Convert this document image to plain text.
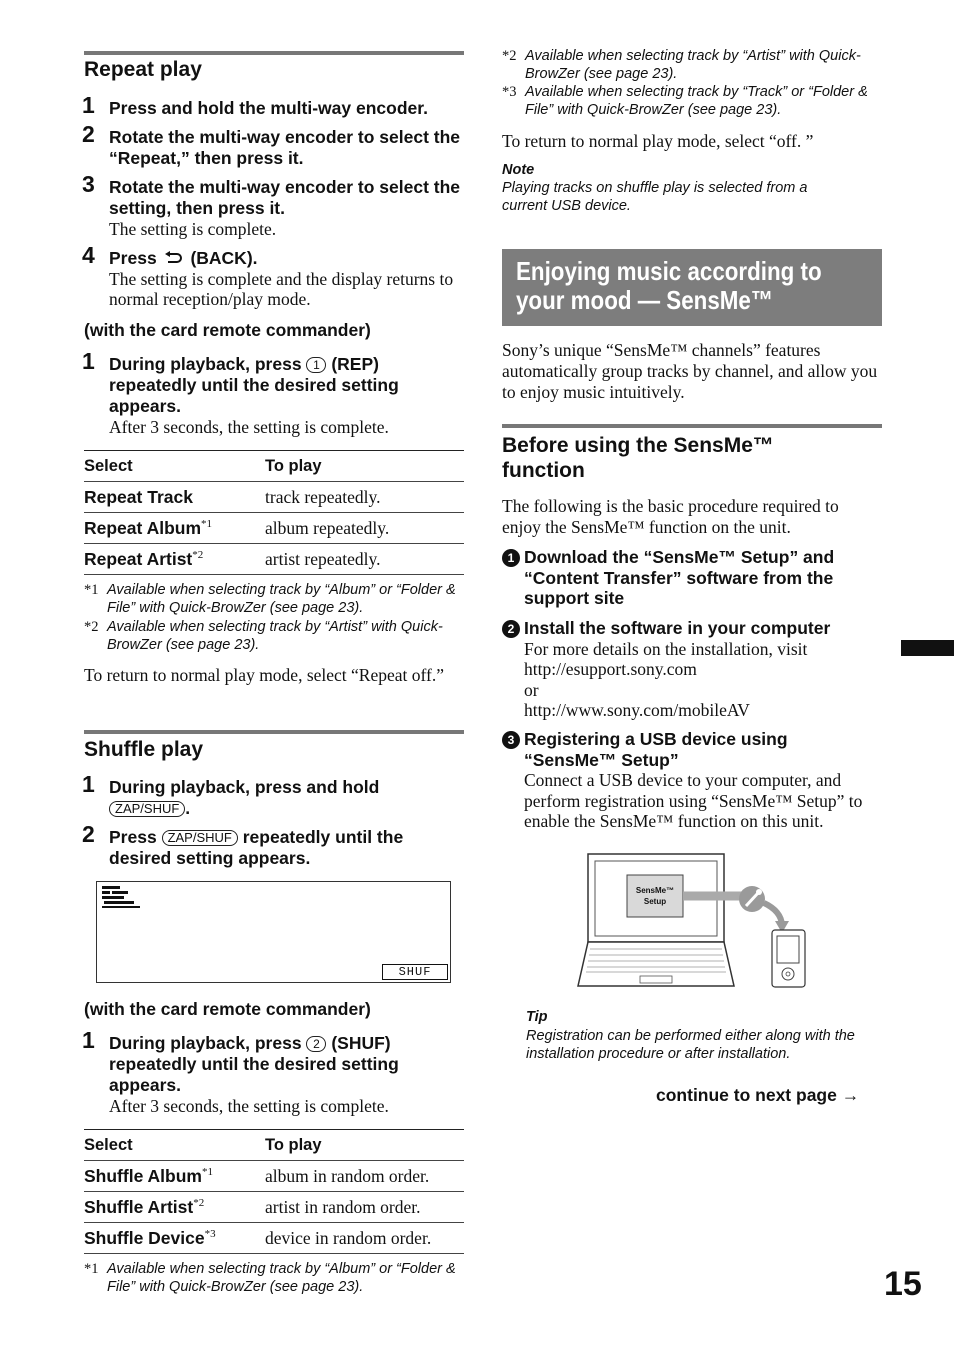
Repeat play
1 Press and hold the multi-way encoder.
2 Rotate the multi-way encoder to select the “Repeat,” then press it.
3 Rotate the multi-way encoder to select the setting, then press it.
The setting is complete.
4 Press (BACK).
The setting is complete and the display returns to normal reception/play mode.
(with the card remote commander)
1 During playback, press 1 (REP) repeatedly until the desired setting appears.
After 3 seconds, the setting is complete.
Select	To play
Repeat Track	track repeatedly.
Repeat Album$^{*1}$	album repeatedly.
Repeat Artist$^{*2}$	artist repeatedly.
*1 Available when selecting track by “Album” or “Folder & File” with Quick-BrowZer (see page 23).
*2 Available when selecting track by “Artist” with Quick-BrowZer (see page 23).
To return to normal play mode, select “Repeat off.”
Shuffle play
1 During playback, press and hold
ZAP/SHUF .
2 Press ZAP/SHUF repeatedly until the desired setting appears.
SHUF
(with the card remote commander)
1 During playback, press 2 (SHUF) repeatedly until the desired setting appears.
After 3 seconds, the setting is complete.
Select	To play
Shuffle Album$^{*1}$	album in random order.
Shuffle Artist$^{*2}$	artist in random order.
Shuffle Device$^{*3}$	device in random order.
*1 Available when selecting track by “Album” or “Folder & File” with Quick-BrowZer (see page 23).
*2 Available when selecting track by “Artist” with Quick-BrowZer (see page 23).
*3 Available when selecting track by “Track” or “Folder & File” with Quick-BrowZer (see page 23).
To return to normal play mode, select “off. ”
Note
Playing tracks on shuffle play is selected from a current USB device.
Enjoying music according to
your mood — SensMe™
Sony’s unique “SensMe™ channels” features automatically group tracks by channel, and allow you to enjoy music intuitively.
Before using the SensMe™
function
The following is the basic procedure required to enjoy the SensMe™ function on the unit.
1 Download the “SensMe™ Setup” and “Content Transfer” software from the support site
2 Install the software in your computer
For more details on the installation, visit
http://esupport.sony.com
or
http://www.sony.com/mobileAV
3 Registering a USB device using “SensMe™ Setup”
Connect a USB device to your computer, and perform registration using “SensMe™ Setup” to enable the SensMe™ function on this unit.
SensMe™
Setup
Tip
Registration can be performed either along with the installation procedure or after installation.
continue to next page →
15
